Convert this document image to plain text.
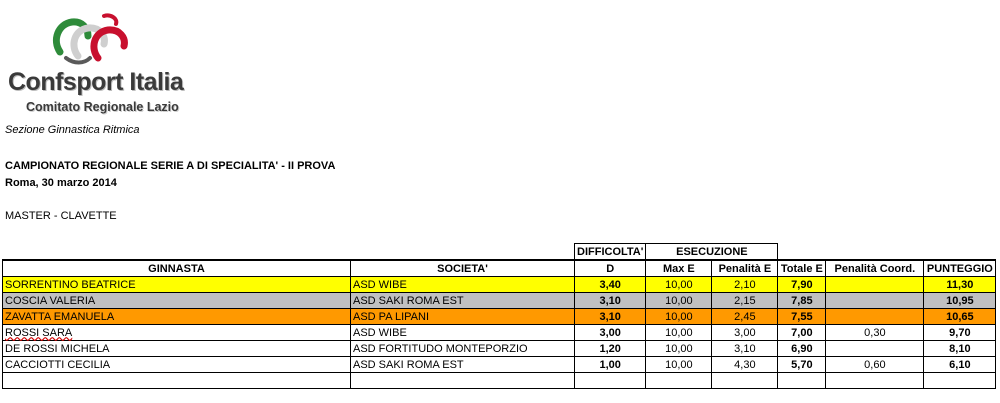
Confsport Italia
Comitato Regionale Lazio
Sezione Ginnastica Ritmica
CAMPIONATO REGIONALE SERIE A DI SPECIALITA' - II PROVA
Roma, 30 marzo 2014
MASTER - CLAVETTE
		DIFFICOLTA'	ESECUZIONE				
GINNASTA	SOCIETA'	D	Max E	Penalità E	Totale E	Penalità Coord.	PUNTEGGIO
SORRENTINO BEATRICE	ASD WIBE	3,40	10,00	2,10	7,90		11,30
COSCIA VALERIA	ASD SAKI ROMA EST	3,10	10,00	2,15	7,85		10,95
ZAVATTA EMANUELA	ASD PA LIPANI	3,10	10,00	2,45	7,55		10,65
ROSSI SARA	ASD WIBE	3,00	10,00	3,00	7,00	0,30	9,70
DE ROSSI MICHELA	ASD FORTITUDO MONTEPORZIO	1,20	10,00	3,10	6,90		8,10
CACCIOTTI CECILIA	ASD SAKI ROMA EST	1,00	10,00	4,30	5,70	0,60	6,10
